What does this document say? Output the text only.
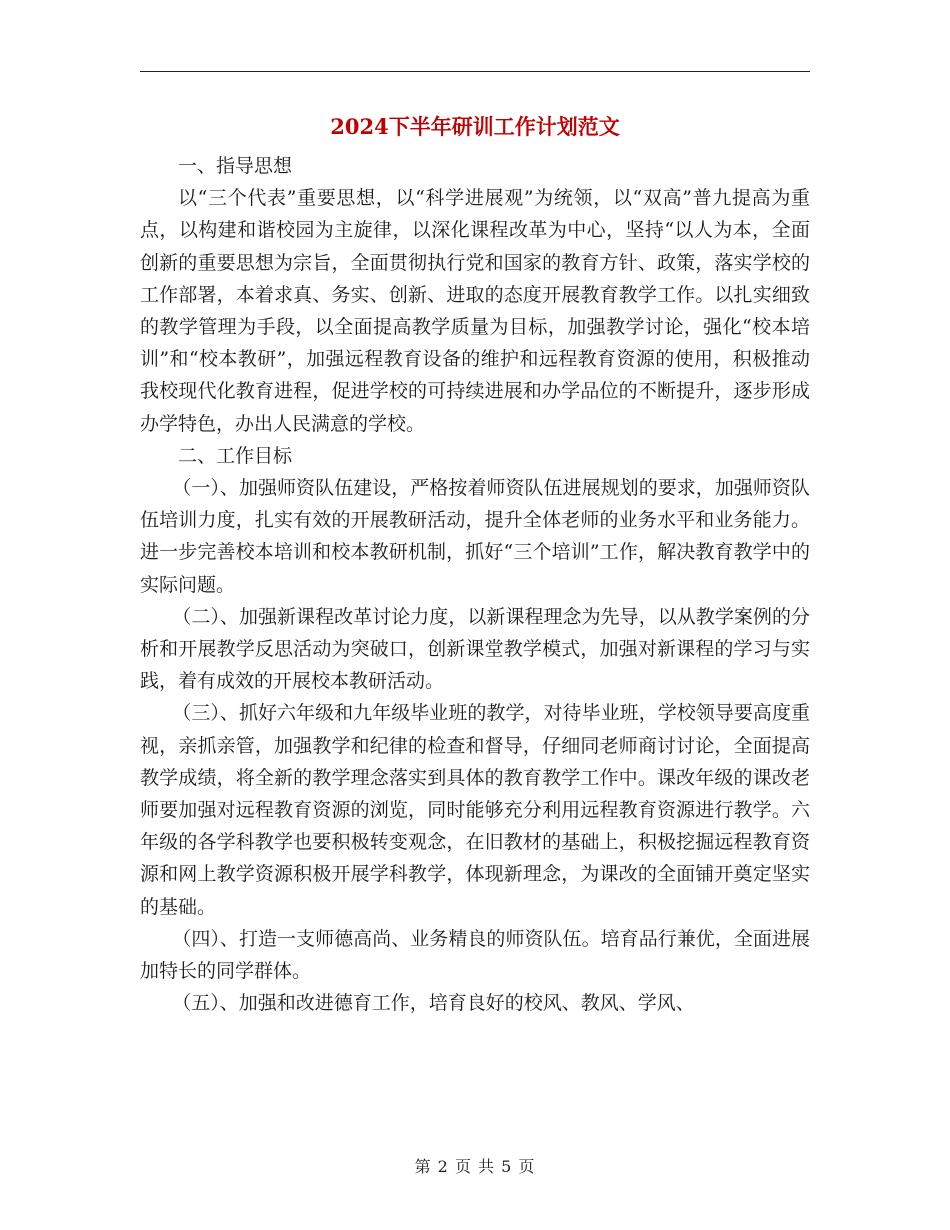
2024下半年研训工作计划范文

一、指导思想

以“三个代表”重要思想，以“科学进展观”为统领，以“双高”普九提高为重点，以构建和谐校园为主旋律，以深化课程改革为中心，坚持“以人为本，全面创新的重要思想为宗旨，全面贯彻执行党和国家的教育方针、政策，落实学校的工作部署，本着求真、务实、创新、进取的态度开展教育教学工作。以扎实细致的教学管理为手段，以全面提高教学质量为目标，加强教学讨论，强化“校本培训”和“校本教研”，加强远程教育设备的维护和远程教育资源的使用，积极推动我校现代化教育进程，促进学校的可持续进展和办学品位的不断提升，逐步形成办学特色，办出人民满意的学校。

二、工作目标

（一）、加强师资队伍建设，严格按着师资队伍进展规划的要求，加强师资队伍培训力度，扎实有效的开展教研活动，提升全体老师的业务水平和业务能力。进一步完善校本培训和校本教研机制，抓好“三个培训”工作，解决教育教学中的实际问题。

（二）、加强新课程改革讨论力度，以新课程理念为先导，以从教学案例的分析和开展教学反思活动为突破口，创新课堂教学模式，加强对新课程的学习与实践，着有成效的开展校本教研活动。

（三）、抓好六年级和九年级毕业班的教学，对待毕业班，学校领导要高度重视，亲抓亲管，加强教学和纪律的检查和督导，仔细同老师商讨讨论，全面提高教学成绩，将全新的教学理念落实到具体的教育教学工作中。课改年级的课改老师要加强对远程教育资源的浏览，同时能够充分利用远程教育资源进行教学。六年级的各学科教学也要积极转变观念，在旧教材的基础上，积极挖掘远程教育资源和网上教学资源积极开展学科教学，体现新理念，为课改的全面铺开奠定坚实的基础。

（四）、打造一支师德高尚、业务精良的师资队伍。培育品行兼优，全面进展加特长的同学群体。

（五）、加强和改进德育工作，培育良好的校风、教风、学风、

第 2 页 共 5 页
